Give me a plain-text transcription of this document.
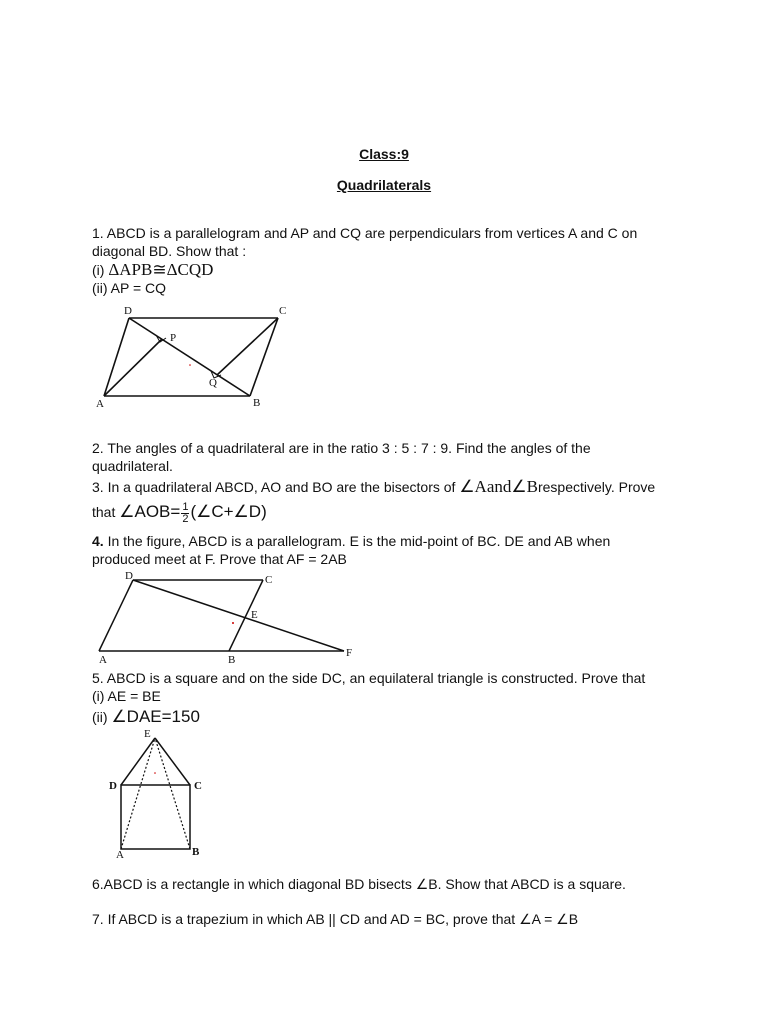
Class:9
Quadrilaterals
1. ABCD is a parallelogram and AP and CQ are perpendiculars from vertices A and C on
diagonal BD. Show that :
(i) ΔAPB≅ΔCQD
(ii) AP = CQ
D	C
A	B
P
Q
2. The angles of a quadrilateral are in the ratio 3 : 5 : 7 : 9. Find the angles of the
quadrilateral.
3. In a quadrilateral ABCD, AO and BO are the bisectors of ∠Aand∠Brespectively. Prove
that ∠AOB= $\frac{1}{2}$ (∠C+∠D)
4. In the figure, ABCD is a parallelogram. E is the mid-point of BC. DE and AB when
produced meet at F. Prove that AF = 2AB
D	C
E
A	B
F
5. ABCD is a square and on the side DC, an equilateral triangle is constructed. Prove that
(i) AE = BE
(ii) ∠DAE=150
E
D	C
A	B
6.ABCD is a rectangle in which diagonal BD bisects ∠B. Show that ABCD is a square.
7. If ABCD is a trapezium in which AB || CD and AD = BC, prove that ∠A = ∠B
